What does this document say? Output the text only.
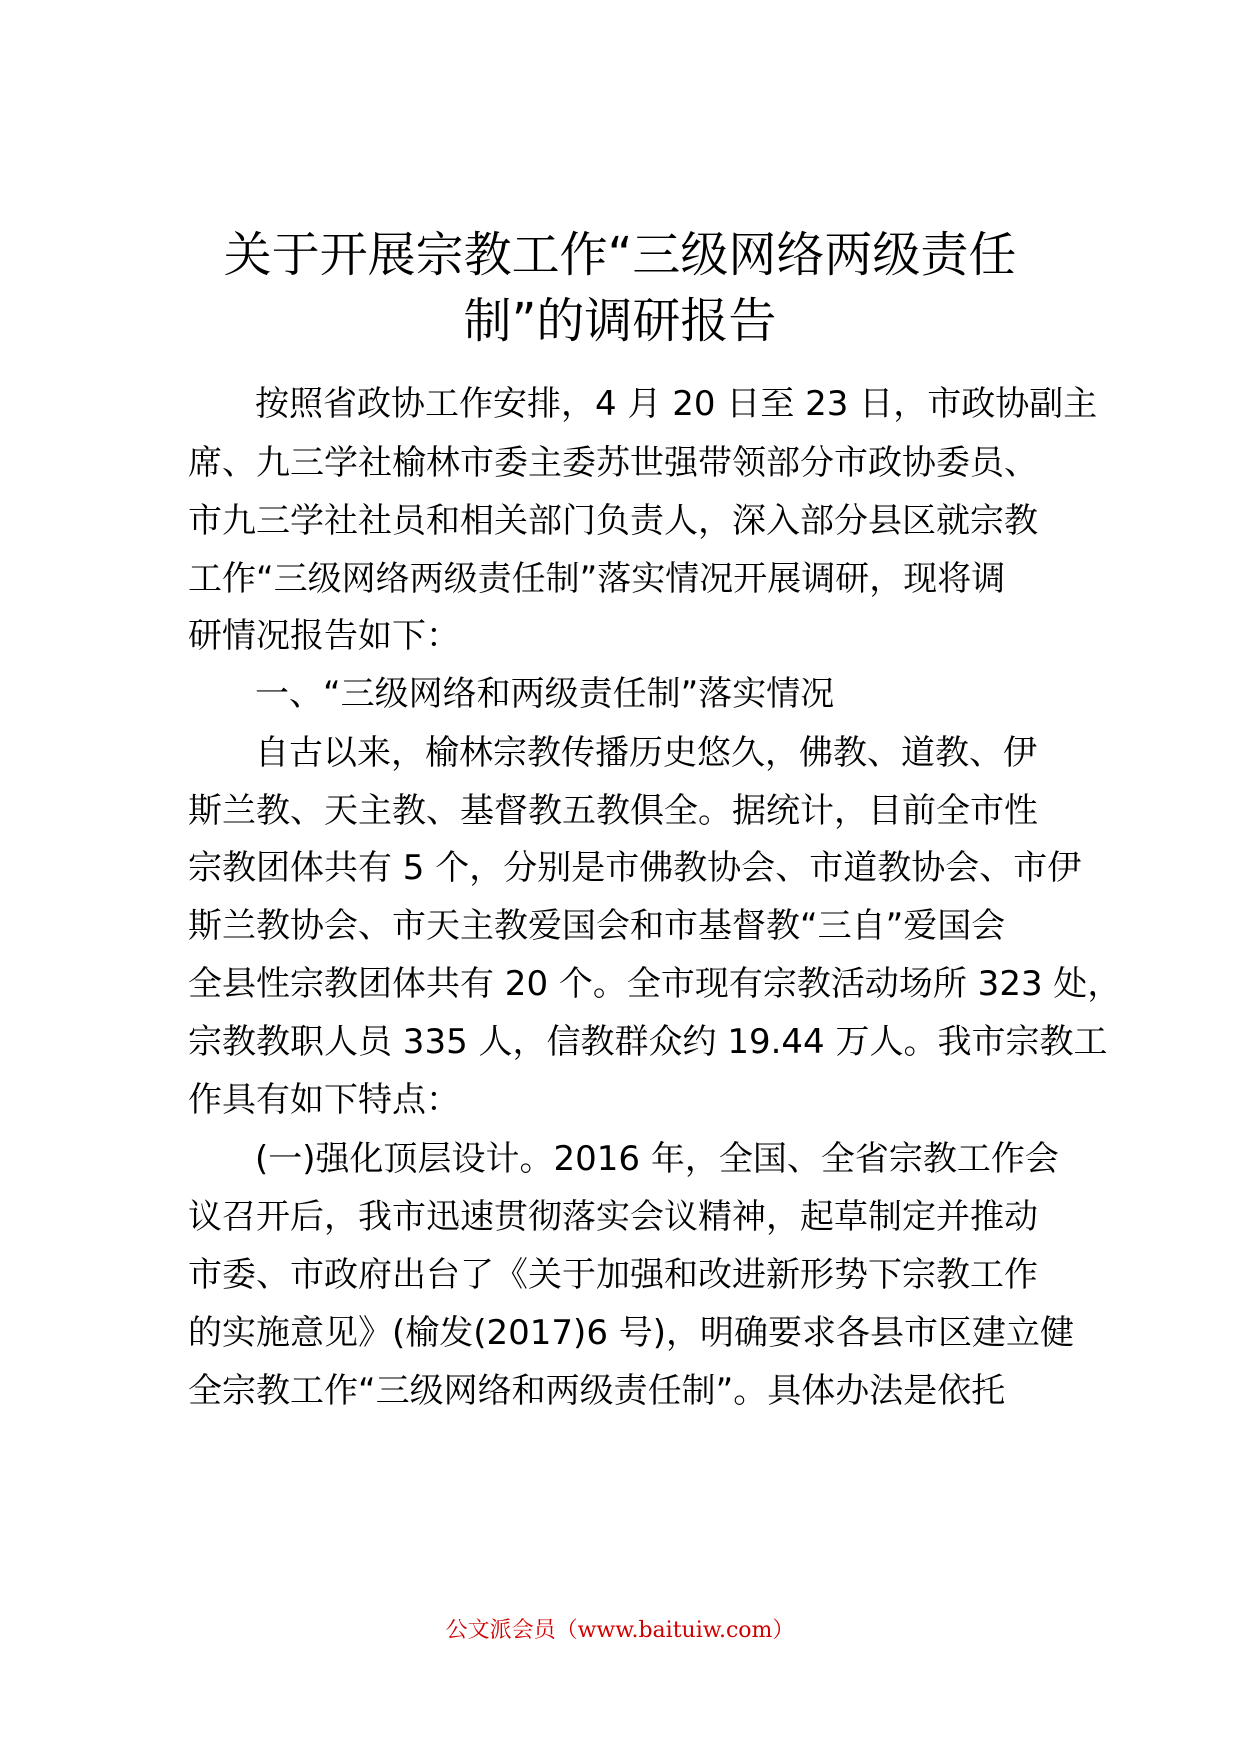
关于开展宗教工作“三级网络两级责任
制”的调研报告

按照省政协工作安排，4 月 20 日至 23 日，市政协副主

席、九三学社榆林市委主委苏世强带领部分市政协委员、

市九三学社社员和相关部门负责人，深入部分县区就宗教

工作“三级网络两级责任制”落实情况开展调研，现将调

研情况报告如下：

一、“三级网络和两级责任制”落实情况

自古以来，榆林宗教传播历史悠久，佛教、道教、伊

斯兰教、天主教、基督教五教俱全。据统计，目前全市性

宗教团体共有 5 个，分别是市佛教协会、市道教协会、市伊

斯兰教协会、市天主教爱国会和市基督教“三自”爱国会

全县性宗教团体共有 20 个。全市现有宗教活动场所 323 处，

宗教教职人员 335 人，信教群众约 19.44 万人。我市宗教工

作具有如下特点：

(一)强化顶层设计。2016 年，全国、全省宗教工作会

议召开后，我市迅速贯彻落实会议精神，起草制定并推动

市委、市政府出台了《关于加强和改进新形势下宗教工作

的实施意见》(榆发(2017)6 号)，明确要求各县市区建立健

全宗教工作“三级网络和两级责任制”。具体办法是依托

公文派会员（www.baituiw.com）
